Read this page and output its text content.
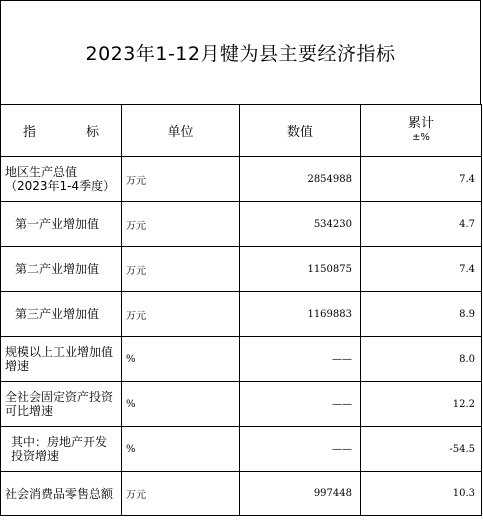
2023年1-12月犍为县主要经济指标
指 标	单位	数值	累计
±%

地区生产总值（2023年1-4季度）	万元	2854988	7.4
第一产业增加值	万元	534230	4.7
第二产业增加值	万元	1150875	7.4
第三产业增加值	万元	1169883	8.9
规模以上工业增加值增速	%	——	8.0
全社会固定资产投资可比增速	%	——	12.2
其中：房地产开发投资增速	%	——	-54.5
社会消费品零售总额	万元	997448	10.3
